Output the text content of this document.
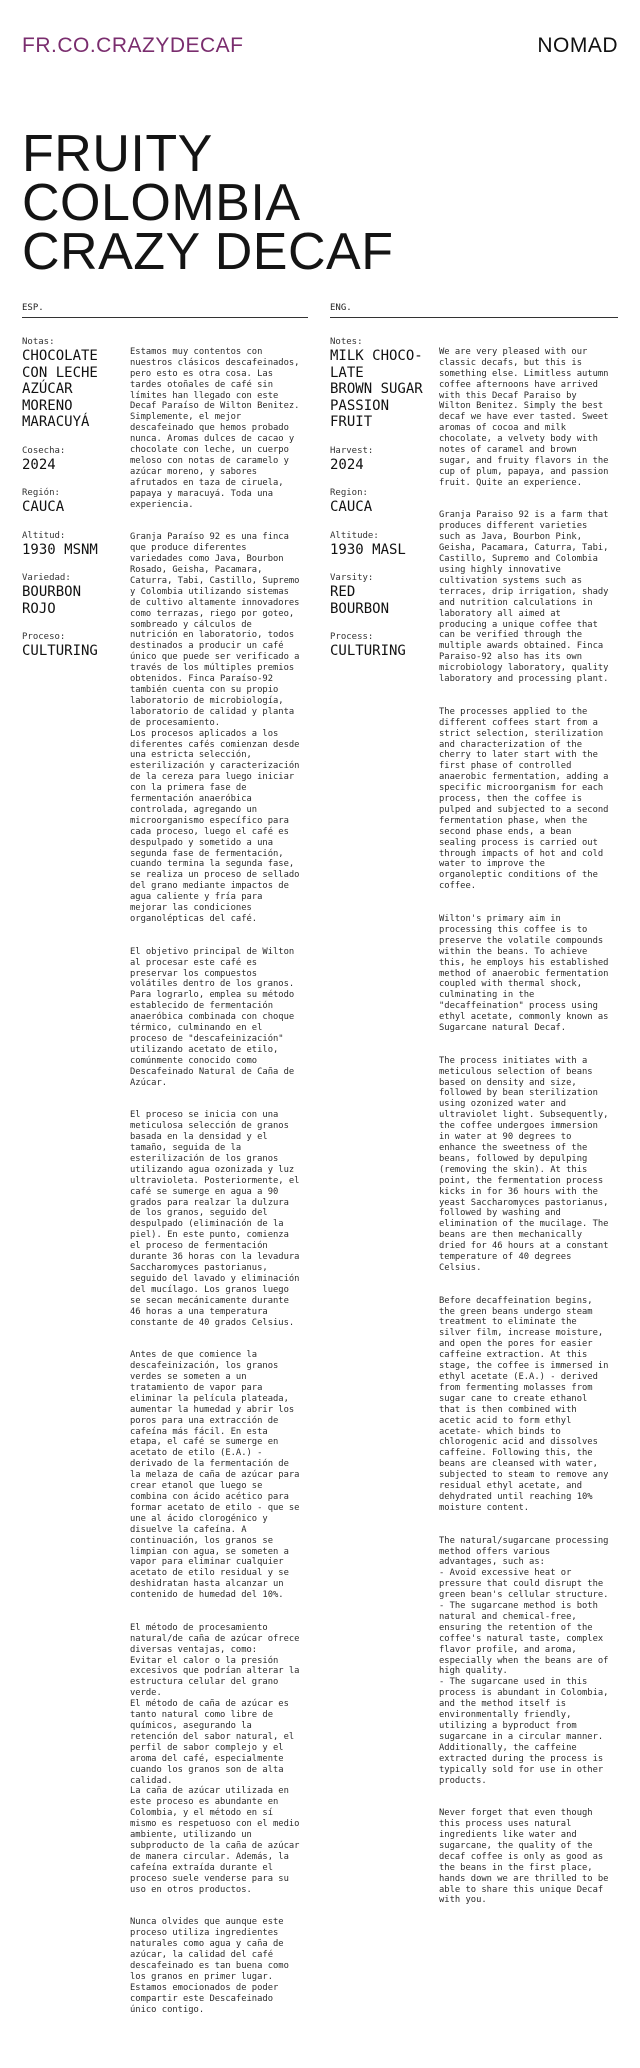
FR.CO.CRAZYDECAF	NOMAD
FRUITY
COLOMBIA
CRAZY DECAF
ESP.
Notas:
CHOCOLATE
CON LECHE
AZÚCAR
MORENO
MARACUYÁ
Cosecha:
2024
Región:
CAUCA
Altitud:
1930 MSNM
Variedad:
BOURBON
ROJO
Proceso:
CULTURING

Estamos muy contentos con
nuestros clásicos descafeinados,
pero esto es otra cosa. Las
tardes otoñales de café sin
límites han llegado con este
Decaf Paraíso de Wilton Benitez.
Simplemente, el mejor
descafeinado que hemos probado
nunca. Aromas dulces de cacao y
chocolate con leche, un cuerpo
meloso con notas de caramelo y
azúcar moreno, y sabores
afrutados en taza de ciruela,
papaya y maracuyá. Toda una
experiencia.

Granja Paraíso 92 es una finca
que produce diferentes
variedades como Java, Bourbon
Rosado, Geisha, Pacamara,
Caturra, Tabi, Castillo, Supremo
y Colombia utilizando sistemas
de cultivo altamente innovadores
como terrazas, riego por goteo,
sombreado y cálculos de
nutrición en laboratorio, todos
destinados a producir un café
único que puede ser verificado a
través de los múltiples premios
obtenidos. Finca Paraíso-92
también cuenta con su propio
laboratorio de microbiología,
laboratorio de calidad y planta
de procesamiento.
Los procesos aplicados a los
diferentes cafés comienzan desde
una estricta selección,
esterilización y caracterización
de la cereza para luego iniciar
con la primera fase de
fermentación anaeróbica
controlada, agregando un
microorganismo específico para
cada proceso, luego el café es
despulpado y sometido a una
segunda fase de fermentación,
cuando termina la segunda fase,
se realiza un proceso de sellado
del grano mediante impactos de
agua caliente y fría para
mejorar las condiciones
organolépticas del café.

El objetivo principal de Wilton
al procesar este café es
preservar los compuestos
volátiles dentro de los granos.
Para lograrlo, emplea su método
establecido de fermentación
anaeróbica combinada con choque
térmico, culminando en el
proceso de "descafeinización"
utilizando acetato de etilo,
comúnmente conocido como
Descafeinado Natural de Caña de
Azúcar.

El proceso se inicia con una
meticulosa selección de granos
basada en la densidad y el
tamaño, seguida de la
esterilización de los granos
utilizando agua ozonizada y luz
ultravioleta. Posteriormente, el
café se sumerge en agua a 90
grados para realzar la dulzura
de los granos, seguido del
despulpado (eliminación de la
piel). En este punto, comienza
el proceso de fermentación
durante 36 horas con la levadura
Saccharomyces pastorianus,
seguido del lavado y eliminación
del mucílago. Los granos luego
se secan mecánicamente durante
46 horas a una temperatura
constante de 40 grados Celsius.

Antes de que comience la
descafeinización, los granos
verdes se someten a un
tratamiento de vapor para
eliminar la película plateada,
aumentar la humedad y abrir los
poros para una extracción de
cafeína más fácil. En esta
etapa, el café se sumerge en
acetato de etilo (E.A.) -
derivado de la fermentación de
la melaza de caña de azúcar para
crear etanol que luego se
combina con ácido acético para
formar acetato de etilo - que se
une al ácido clorogénico y
disuelve la cafeína. A
continuación, los granos se
limpian con agua, se someten a
vapor para eliminar cualquier
acetato de etilo residual y se
deshidratan hasta alcanzar un
contenido de humedad del 10%.

El método de procesamiento
natural/de caña de azúcar ofrece
diversas ventajas, como:
Evitar el calor o la presión
excesivos que podrían alterar la
estructura celular del grano
verde.
El método de caña de azúcar es
tanto natural como libre de
químicos, asegurando la
retención del sabor natural, el
perfil de sabor complejo y el
aroma del café, especialmente
cuando los granos son de alta
calidad.
La caña de azúcar utilizada en
este proceso es abundante en
Colombia, y el método en sí
mismo es respetuoso con el medio
ambiente, utilizando un
subproducto de la caña de azúcar
de manera circular. Además, la
cafeína extraída durante el
proceso suele venderse para su
uso en otros productos.

Nunca olvides que aunque este
proceso utiliza ingredientes
naturales como agua y caña de
azúcar, la calidad del café
descafeinado es tan buena como
los granos en primer lugar.
Estamos emocionados de poder
compartir este Descafeinado
único contigo.

ENG.
Notes:
MILK CHOCO-
LATE
BROWN SUGAR
PASSION
FRUIT
Harvest:
2024
Region:
CAUCA
Altitude:
1930 MASL
Varsity:
RED
BOURBON
Process:
CULTURING

We are very pleased with our
classic decafs, but this is
something else. Limitless autumn
coffee afternoons have arrived
with this Decaf Paraiso by
Wilton Benitez. Simply the best
decaf we have ever tasted. Sweet
aromas of cocoa and milk
chocolate, a velvety body with
notes of caramel and brown
sugar, and fruity flavors in the
cup of plum, papaya, and passion
fruit. Quite an experience.

Granja Paraiso 92 is a farm that
produces different varieties
such as Java, Bourbon Pink,
Geisha, Pacamara, Caturra, Tabi,
Castillo, Supremo and Colombia
using highly innovative
cultivation systems such as
terraces, drip irrigation, shady
and nutrition calculations in
laboratory all aimed at
producing a unique coffee that
can be verified through the
multiple awards obtained. Finca
Paraiso-92 also has its own
microbiology laboratory, quality
laboratory and processing plant.

The processes applied to the
different coffees start from a
strict selection, sterilization
and characterization of the
cherry to later start with the
first phase of controlled
anaerobic fermentation, adding a
specific microorganism for each
process, then the coffee is
pulped and subjected to a second
fermentation phase, when the
second phase ends, a bean
sealing process is carried out
through impacts of hot and cold
water to improve the
organoleptic conditions of the
coffee.

Wilton's primary aim in
processing this coffee is to
preserve the volatile compounds
within the beans. To achieve
this, he employs his established
method of anaerobic fermentation
coupled with thermal shock,
culminating in the
"decaffeination" process using
ethyl acetate, commonly known as
Sugarcane natural Decaf.

The process initiates with a
meticulous selection of beans
based on density and size,
followed by bean sterilization
using ozonized water and
ultraviolet light. Subsequently,
the coffee undergoes immersion
in water at 90 degrees to
enhance the sweetness of the
beans, followed by depulping
(removing the skin). At this
point, the fermentation process
kicks in for 36 hours with the
yeast Saccharomyces pastorianus,
followed by washing and
elimination of the mucilage. The
beans are then mechanically
dried for 46 hours at a constant
temperature of 40 degrees
Celsius.

Before decaffeination begins,
the green beans undergo steam
treatment to eliminate the
silver film, increase moisture,
and open the pores for easier
caffeine extraction. At this
stage, the coffee is immersed in
ethyl acetate (E.A.) - derived
from fermenting molasses from
sugar cane to create ethanol
that is then combined with
acetic acid to form ethyl
acetate- which binds to
chlorogenic acid and dissolves
caffeine. Following this, the
beans are cleansed with water,
subjected to steam to remove any
residual ethyl acetate, and
dehydrated until reaching 10%
moisture content.

The natural/sugarcane processing
method offers various
advantages, such as:
- Avoid excessive heat or
pressure that could disrupt the
green bean's cellular structure.
- The sugarcane method is both
natural and chemical-free,
ensuring the retention of the
coffee's natural taste, complex
flavor profile, and aroma,
especially when the beans are of
high quality.
- The sugarcane used in this
process is abundant in Colombia,
and the method itself is
environmentally friendly,
utilizing a byproduct from
sugarcane in a circular manner.
Additionally, the caffeine
extracted during the process is
typically sold for use in other
products.

Never forget that even though
this process uses natural
ingredients like water and
sugarcane, the quality of the
decaf coffee is only as good as
the beans in the first place,
hands down we are thrilled to be
able to share this unique Decaf
with you.
